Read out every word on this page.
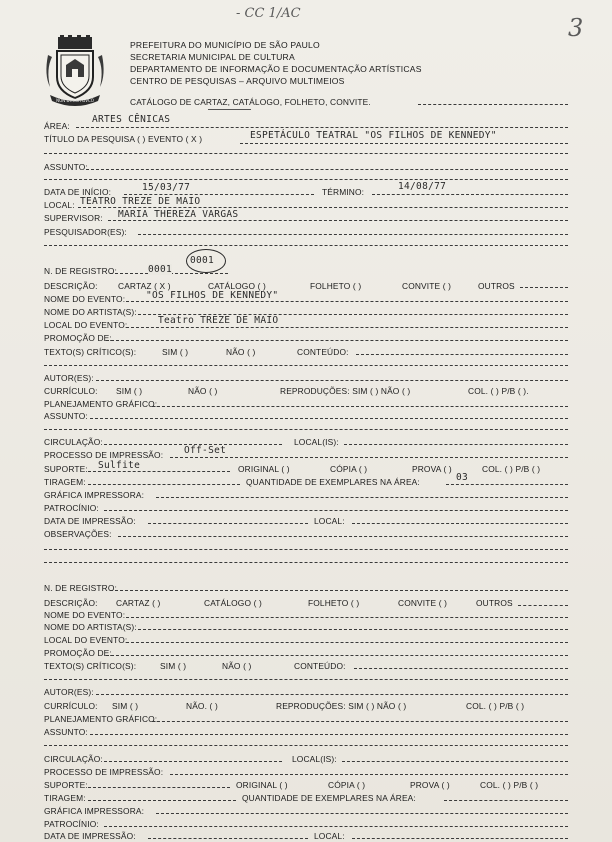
- CC 1/AC
3
NON DVCOR DVCO
PREFEITURA DO MUNICÍPIO DE SÃO PAULO
SECRETARIA MUNICIPAL DE CULTURA
DEPARTAMENTO DE INFORMAÇÃO E DOCUMENTAÇÃO ARTÍSTICAS
CENTRO DE PESQUISAS – ARQUIVO MULTIMEIOS
CATÁLOGO DE CARTAZ, CATÁLOGO, FOLHETO, CONVITE.
ÁREA:
ARTES CÊNICAS
TÍTULO DA PESQUISA ( ) EVENTO ( X )	ESPETÁCULO TEATRAL "OS FILHOS DE KENNEDY"
ASSUNTO:
DATA DE INÍCIO:	15/03/77	TÉRMINO:	14/08/77
LOCAL: TEATRO TREZE DE MAIO
SUPERVISOR: MARIA THEREZA VARGAS
PESQUISADOR(ES):
N. DE REGISTRO:	0001
0001
DESCRIÇÃO: CARTAZ ( X )	CATÁLOGO ( )	FOLHETO ( )	CONVITE ( )	OUTROS
NOME DO EVENTO: "OS FILHOS DE KENNEDY"
NOME DO ARTISTA(S):
LOCAL DO EVENTO:	Teatro TREZE DE MAIO
PROMOÇÃO DE:
TEXTO(S) CRÍTICO(S):	SIM ( )	NÃO ( )	CONTEÚDO:
AUTOR(ES):
CURRÍCULO: SIM ( )	NÃO ( )	REPRODUÇÕES: SIM ( ) NÃO ( )	COL. ( ) P/B ( ).
PLANEJAMENTO GRÁFICO:
ASSUNTO:
CIRCULAÇÃO:	LOCAL(IS):
PROCESSO DE IMPRESSÃO: Off-Set
SUPORTE: Sulfite	ORIGINAL ( )	CÓPIA ( )	PROVA ( )	COL. ( ) P/B ( )
TIRAGEM:	QUANTIDADE DE EXEMPLARES NA ÁREA:	03
GRÁFICA IMPRESSORA:
PATROCÍNIO:
DATA DE IMPRESSÃO:	LOCAL:
OBSERVAÇÕES:
N. DE REGISTRO:
DESCRIÇÃO: CARTAZ ( )	CATÁLOGO ( )	FOLHETO ( )	CONVITE ( )	OUTROS
NOME DO EVENTO:
NOME DO ARTISTA(S):
LOCAL DO EVENTO:
PROMOÇÃO DE:
TEXTO(S) CRÍTICO(S):	SIM ( )	NÃO ( )	CONTEÚDO:
AUTOR(ES):
CURRÍCULO: SIM ( )	NÃO. ( )	REPRODUÇÕES: SIM ( ) NÃO ( )	COL. ( ) P/B ( )
PLANEJAMENTO GRÁFICO:
ASSUNTO:
CIRCULAÇÃO:	LOCAL(IS):
PROCESSO DE IMPRESSÃO:
SUPORTE:	ORIGINAL ( )	CÓPIA ( )	PROVA ( )	COL. ( ) P/B ( )
TIRAGEM:	QUANTIDADE DE EXEMPLARES NA ÁREA:
GRÁFICA IMPRESSORA:
PATROCÍNIO:
DATA DE IMPRESSÃO:	LOCAL:
